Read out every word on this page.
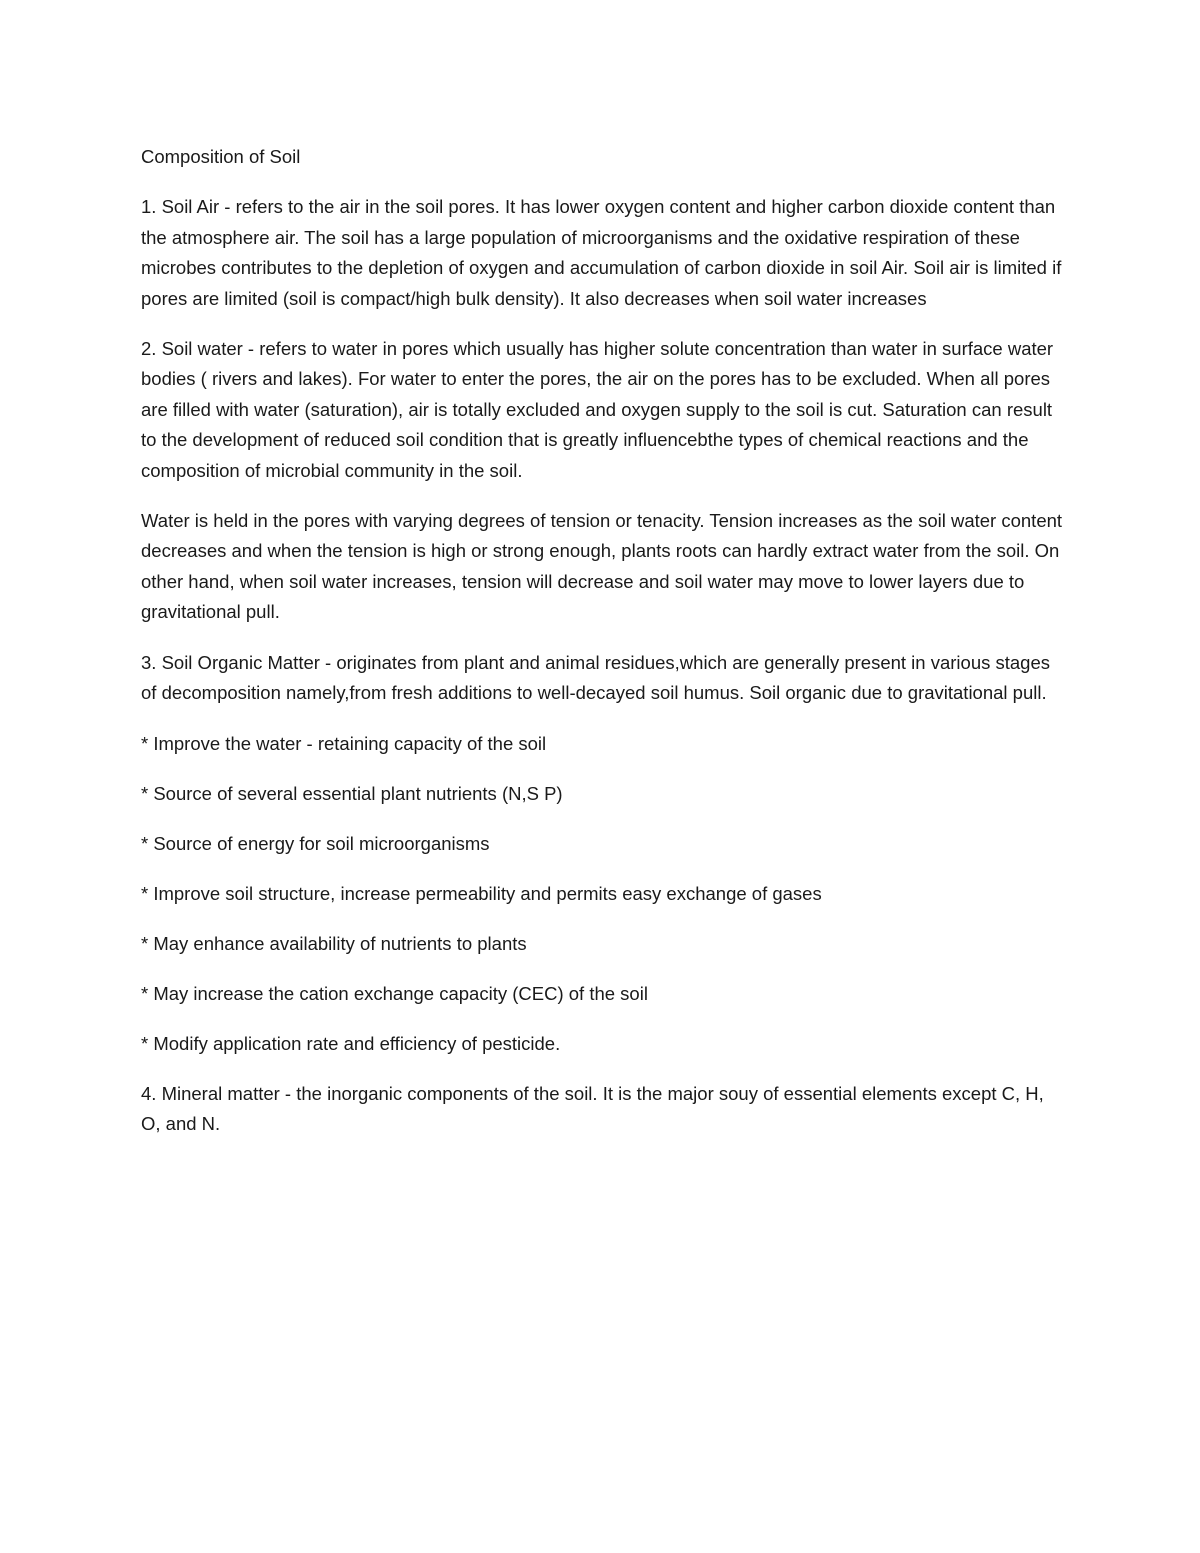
Composition of Soil

1. Soil Air - refers to the air in the soil pores. It has lower oxygen content and higher carbon dioxide content than the atmosphere air. The soil has a large population of microorganisms and the oxidative respiration of these microbes contributes to the depletion of oxygen and accumulation of carbon dioxide in soil Air. Soil air is limited if pores are limited (soil is compact/high bulk density). It also decreases when soil water increases

2. Soil water - refers to water in pores which usually has higher solute concentration than water in surface water bodies ( rivers and lakes). For water to enter the pores, the air on the pores has to be excluded. When all pores are filled with water (saturation), air is totally excluded and oxygen supply to the soil is cut. Saturation can result to the development of reduced soil condition that is greatly influencebthe types of chemical reactions and the composition of microbial community in the soil.

Water is held in the pores with varying degrees of tension or tenacity. Tension increases as the soil water content decreases and when the tension is high or strong enough, plants roots can hardly extract water from the soil. On other hand, when soil water increases, tension will decrease and soil water may move to lower layers due to gravitational pull.

3. Soil Organic Matter - originates from plant and animal residues,which are generally present in various stages of decomposition namely,from fresh additions to well-decayed soil humus. Soil organic due to gravitational pull.

* Improve the water - retaining capacity of the soil
* Source of several essential plant nutrients (N,S P)
* Source of energy for soil microorganisms
* Improve soil structure, increase permeability and permits easy exchange of gases
* May enhance availability of nutrients to plants
* May increase the cation exchange capacity (CEC) of the soil
* Modify application rate and efficiency of pesticide.

4. Mineral matter - the inorganic components of the soil. It is the major souy of essential elements except C, H, O, and N.
